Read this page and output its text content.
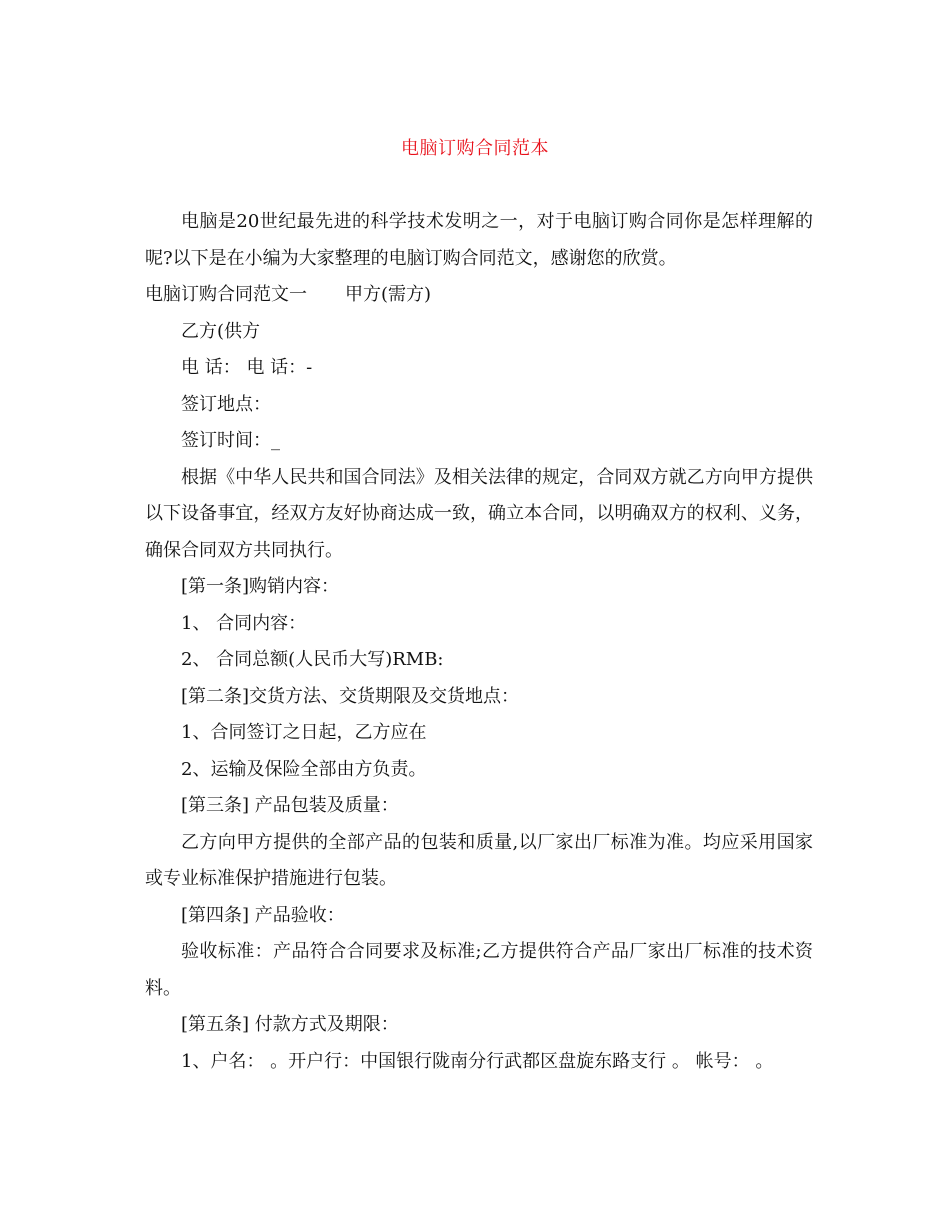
电脑订购合同范本

电脑是20世纪最先进的科学技术发明之一，对于电脑订购合同你是怎样理解的呢?以下是在小编为大家整理的电脑订购合同范文，感谢您的欣赏。

电脑订购合同范文一 甲方(需方)

乙方(供方

电 话： 电 话：-

签订地点：

签订时间：_

根据《中华人民共和国合同法》及相关法律的规定，合同双方就乙方向甲方提供以下设备事宜，经双方友好协商达成一致，确立本合同，以明确双方的权利、义务，确保合同双方共同执行。

[第一条]购销内容：

1、 合同内容：

2、 合同总额(人民币大写)RMB:

[第二条]交货方法、交货期限及交货地点：

1、合同签订之日起，乙方应在

2、运输及保险全部由方负责。

[第三条] 产品包装及质量：

乙方向甲方提供的全部产品的包装和质量,以厂家出厂标准为准。均应采用国家或专业标准保护措施进行包装。

[第四条] 产品验收：

验收标准：产品符合合同要求及标准;乙方提供符合产品厂家出厂标准的技术资料。

[第五条] 付款方式及期限：

1、户名： 。开户行：中国银行陇南分行武都区盘旋东路支行 。 帐号： 。
